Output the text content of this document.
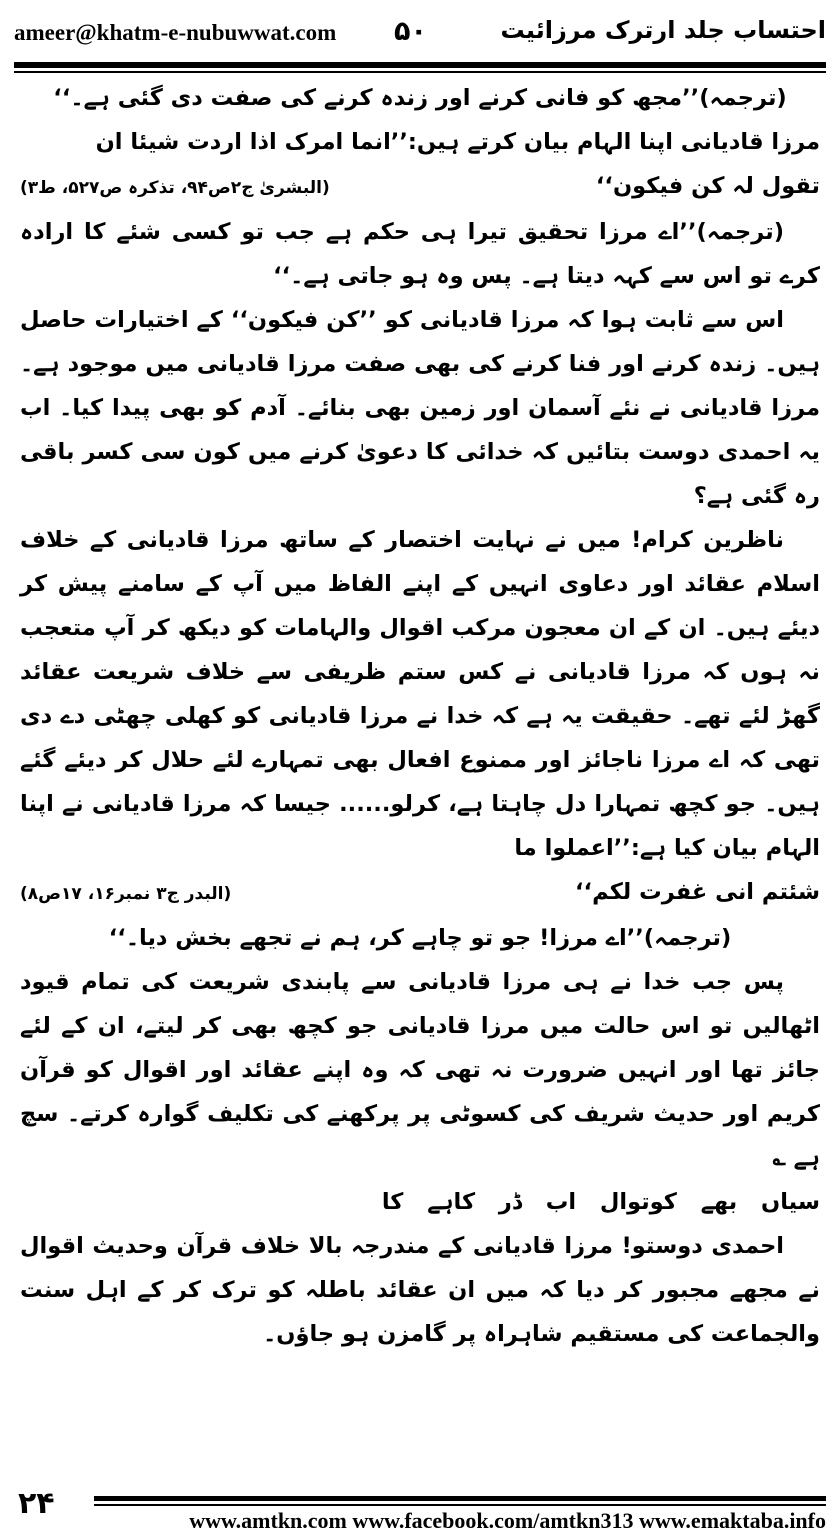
ameer@khatm-e-nubuwwat.com ۵۰	احتساب جلد ارترک مرزائیت

(ترجمہ)’’مجھ کو فانی کرنے اور زندہ کرنے کی صفت دی گئی ہے۔‘‘

مرزا قادیانی اپنا الہام بیان کرتے ہیں:’’انما امرک اذا اردت شیئا ان

تقول لہ کن فیکون‘‘
(البشریٰ ج۲ص۹۴، تذکرہ ص۵۲۷، ط۳)

(ترجمہ)’’اے مرزا تحقیق تیرا ہی حکم ہے جب تو کسی شئے کا ارادہ کرے تو اس سے کہہ دیتا ہے۔ پس وہ ہو جاتی ہے۔‘‘

اس سے ثابت ہوا کہ مرزا قادیانی کو ’’کن فیکون‘‘ کے اختیارات حاصل ہیں۔ زندہ کرنے اور فنا کرنے کی بھی صفت مرزا قادیانی میں موجود ہے۔ مرزا قادیانی نے نئے آسمان اور زمین بھی بنائے۔ آدم کو بھی پیدا کیا۔ اب یہ احمدی دوست بتائیں کہ خدائی کا دعویٰ کرنے میں کون سی کسر باقی رہ گئی ہے؟

ناظرین کرام! میں نے نہایت اختصار کے ساتھ مرزا قادیانی کے خلاف اسلام عقائد اور دعاوی انہیں کے اپنے الفاظ میں آپ کے سامنے پیش کر دیئے ہیں۔ ان کے ان معجون مرکب اقوال والہامات کو دیکھ کر آپ متعجب نہ ہوں کہ مرزا قادیانی نے کس ستم ظریفی سے خلاف شریعت عقائد گھڑ لئے تھے۔ حقیقت یہ ہے کہ خدا نے مرزا قادیانی کو کھلی چھٹی دے دی تھی کہ اے مرزا ناجائز اور ممنوع افعال بھی تمہارے لئے حلال کر دیئے گئے ہیں۔ جو کچھ تمہارا دل چاہتا ہے، کرلو...... جیسا کہ مرزا قادیانی نے اپنا الہام بیان کیا ہے:’’اعملوا ما

شئتم انی غفرت لکم‘‘
(البدر ج۳ نمبر۱۶، ۱۷ص۸)

(ترجمہ)’’اے مرزا! جو تو چاہے کر، ہم نے تجھے بخش دیا۔‘‘

پس جب خدا نے ہی مرزا قادیانی سے پابندی شریعت کی تمام قیود اٹھالیں تو اس حالت میں مرزا قادیانی جو کچھ بھی کر لیتے، ان کے لئے جائز تھا اور انہیں ضرورت نہ تھی کہ وہ اپنے عقائد اور اقوال کو قرآن کریم اور حدیث شریف کی کسوٹی پر پرکھنے کی تکلیف گوارہ کرتے۔ سچ ہے ؎

سیاں بھے کوتوال اب ڈر کاہے کا

احمدی دوستو! مرزا قادیانی کے مندرجہ بالا خلاف قرآن وحدیث اقوال نے مجھے مجبور کر دیا کہ میں ان عقائد باطلہ کو ترک کر کے اہل سنت والجماعت کی مستقیم شاہراہ پر گامزن ہو جاؤں۔

۲۴	www.amtkn.com www.facebook.com/amtkn313 www.emaktaba.info
